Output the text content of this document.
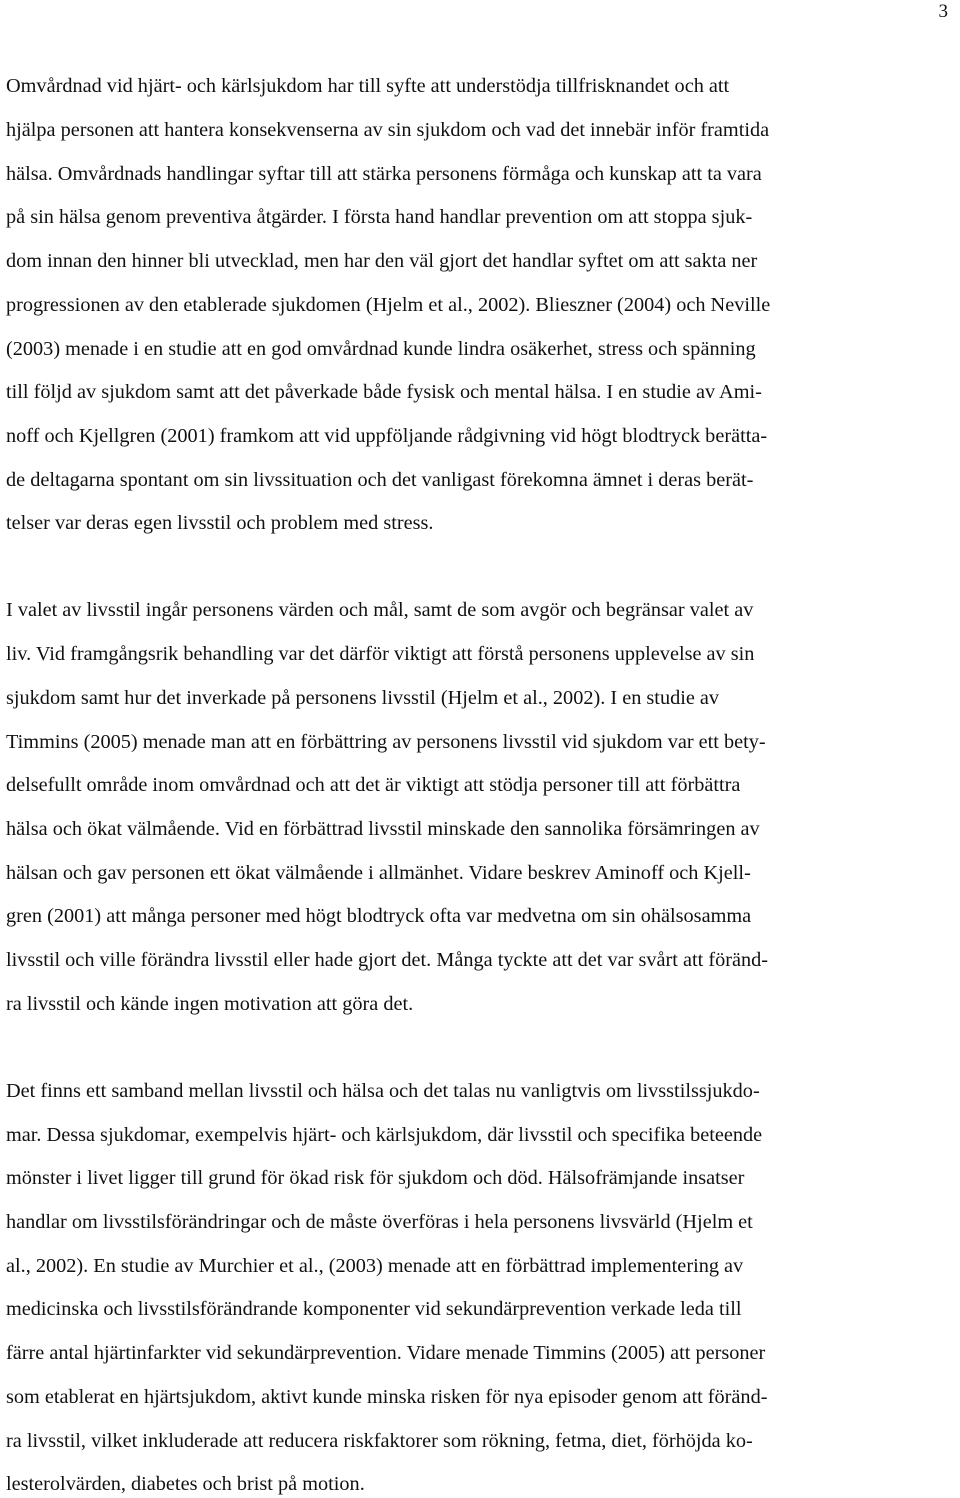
3
Omvårdnad vid hjärt- och kärlsjukdom har till syfte att understödja tillfrisknandet och att
hjälpa personen att hantera konsekvenserna av sin sjukdom och vad det innebär inför framtida
hälsa. Omvårdnads handlingar syftar till att stärka personens förmåga och kunskap att ta vara
på sin hälsa genom preventiva åtgärder. I första hand handlar prevention om att stoppa sjuk-
dom innan den hinner bli utvecklad, men har den väl gjort det handlar syftet om att sakta ner
progressionen av den etablerade sjukdomen (Hjelm et al., 2002). Blieszner (2004) och Neville
(2003) menade i en studie att en god omvårdnad kunde lindra osäkerhet, stress och spänning
till följd av sjukdom samt att det påverkade både fysisk och mental hälsa. I en studie av Ami-
noff och Kjellgren (2001) framkom att vid uppföljande rådgivning vid högt blodtryck berätta-
de deltagarna spontant om sin livssituation och det vanligast förekomna ämnet i deras berät-
telser var deras egen livsstil och problem med stress.
I valet av livsstil ingår personens värden och mål, samt de som avgör och begränsar valet av
liv. Vid framgångsrik behandling var det därför viktigt att förstå personens upplevelse av sin
sjukdom samt hur det inverkade på personens livsstil (Hjelm et al., 2002). I en studie av
Timmins (2005) menade man att en förbättring av personens livsstil vid sjukdom var ett bety-
delsefullt område inom omvårdnad och att det är viktigt att stödja personer till att förbättra
hälsa och ökat välmående. Vid en förbättrad livsstil minskade den sannolika försämringen av
hälsan och gav personen ett ökat välmående i allmänhet. Vidare beskrev Aminoff och Kjell-
gren (2001) att många personer med högt blodtryck ofta var medvetna om sin ohälsosamma
livsstil och ville förändra livsstil eller hade gjort det. Många tyckte att det var svårt att föränd-
ra livsstil och kände ingen motivation att göra det.
Det finns ett samband mellan livsstil och hälsa och det talas nu vanligtvis om livsstilssjukdo-
mar. Dessa sjukdomar, exempelvis hjärt- och kärlsjukdom, där livsstil och specifika beteende
mönster i livet ligger till grund för ökad risk för sjukdom och död. Hälsofrämjande insatser
handlar om livsstilsförändringar och de måste överföras i hela personens livsvärld (Hjelm et
al., 2002). En studie av Murchier et al., (2003) menade att en förbättrad implementering av
medicinska och livsstilsförändrande komponenter vid sekundärprevention verkade leda till
färre antal hjärtinfarkter vid sekundärprevention. Vidare menade Timmins (2005) att personer
som etablerat en hjärtsjukdom, aktivt kunde minska risken för nya episoder genom att föränd-
ra livsstil, vilket inkluderade att reducera riskfaktorer som rökning, fetma, diet, förhöjda ko-
lesterolvärden, diabetes och brist på motion.
